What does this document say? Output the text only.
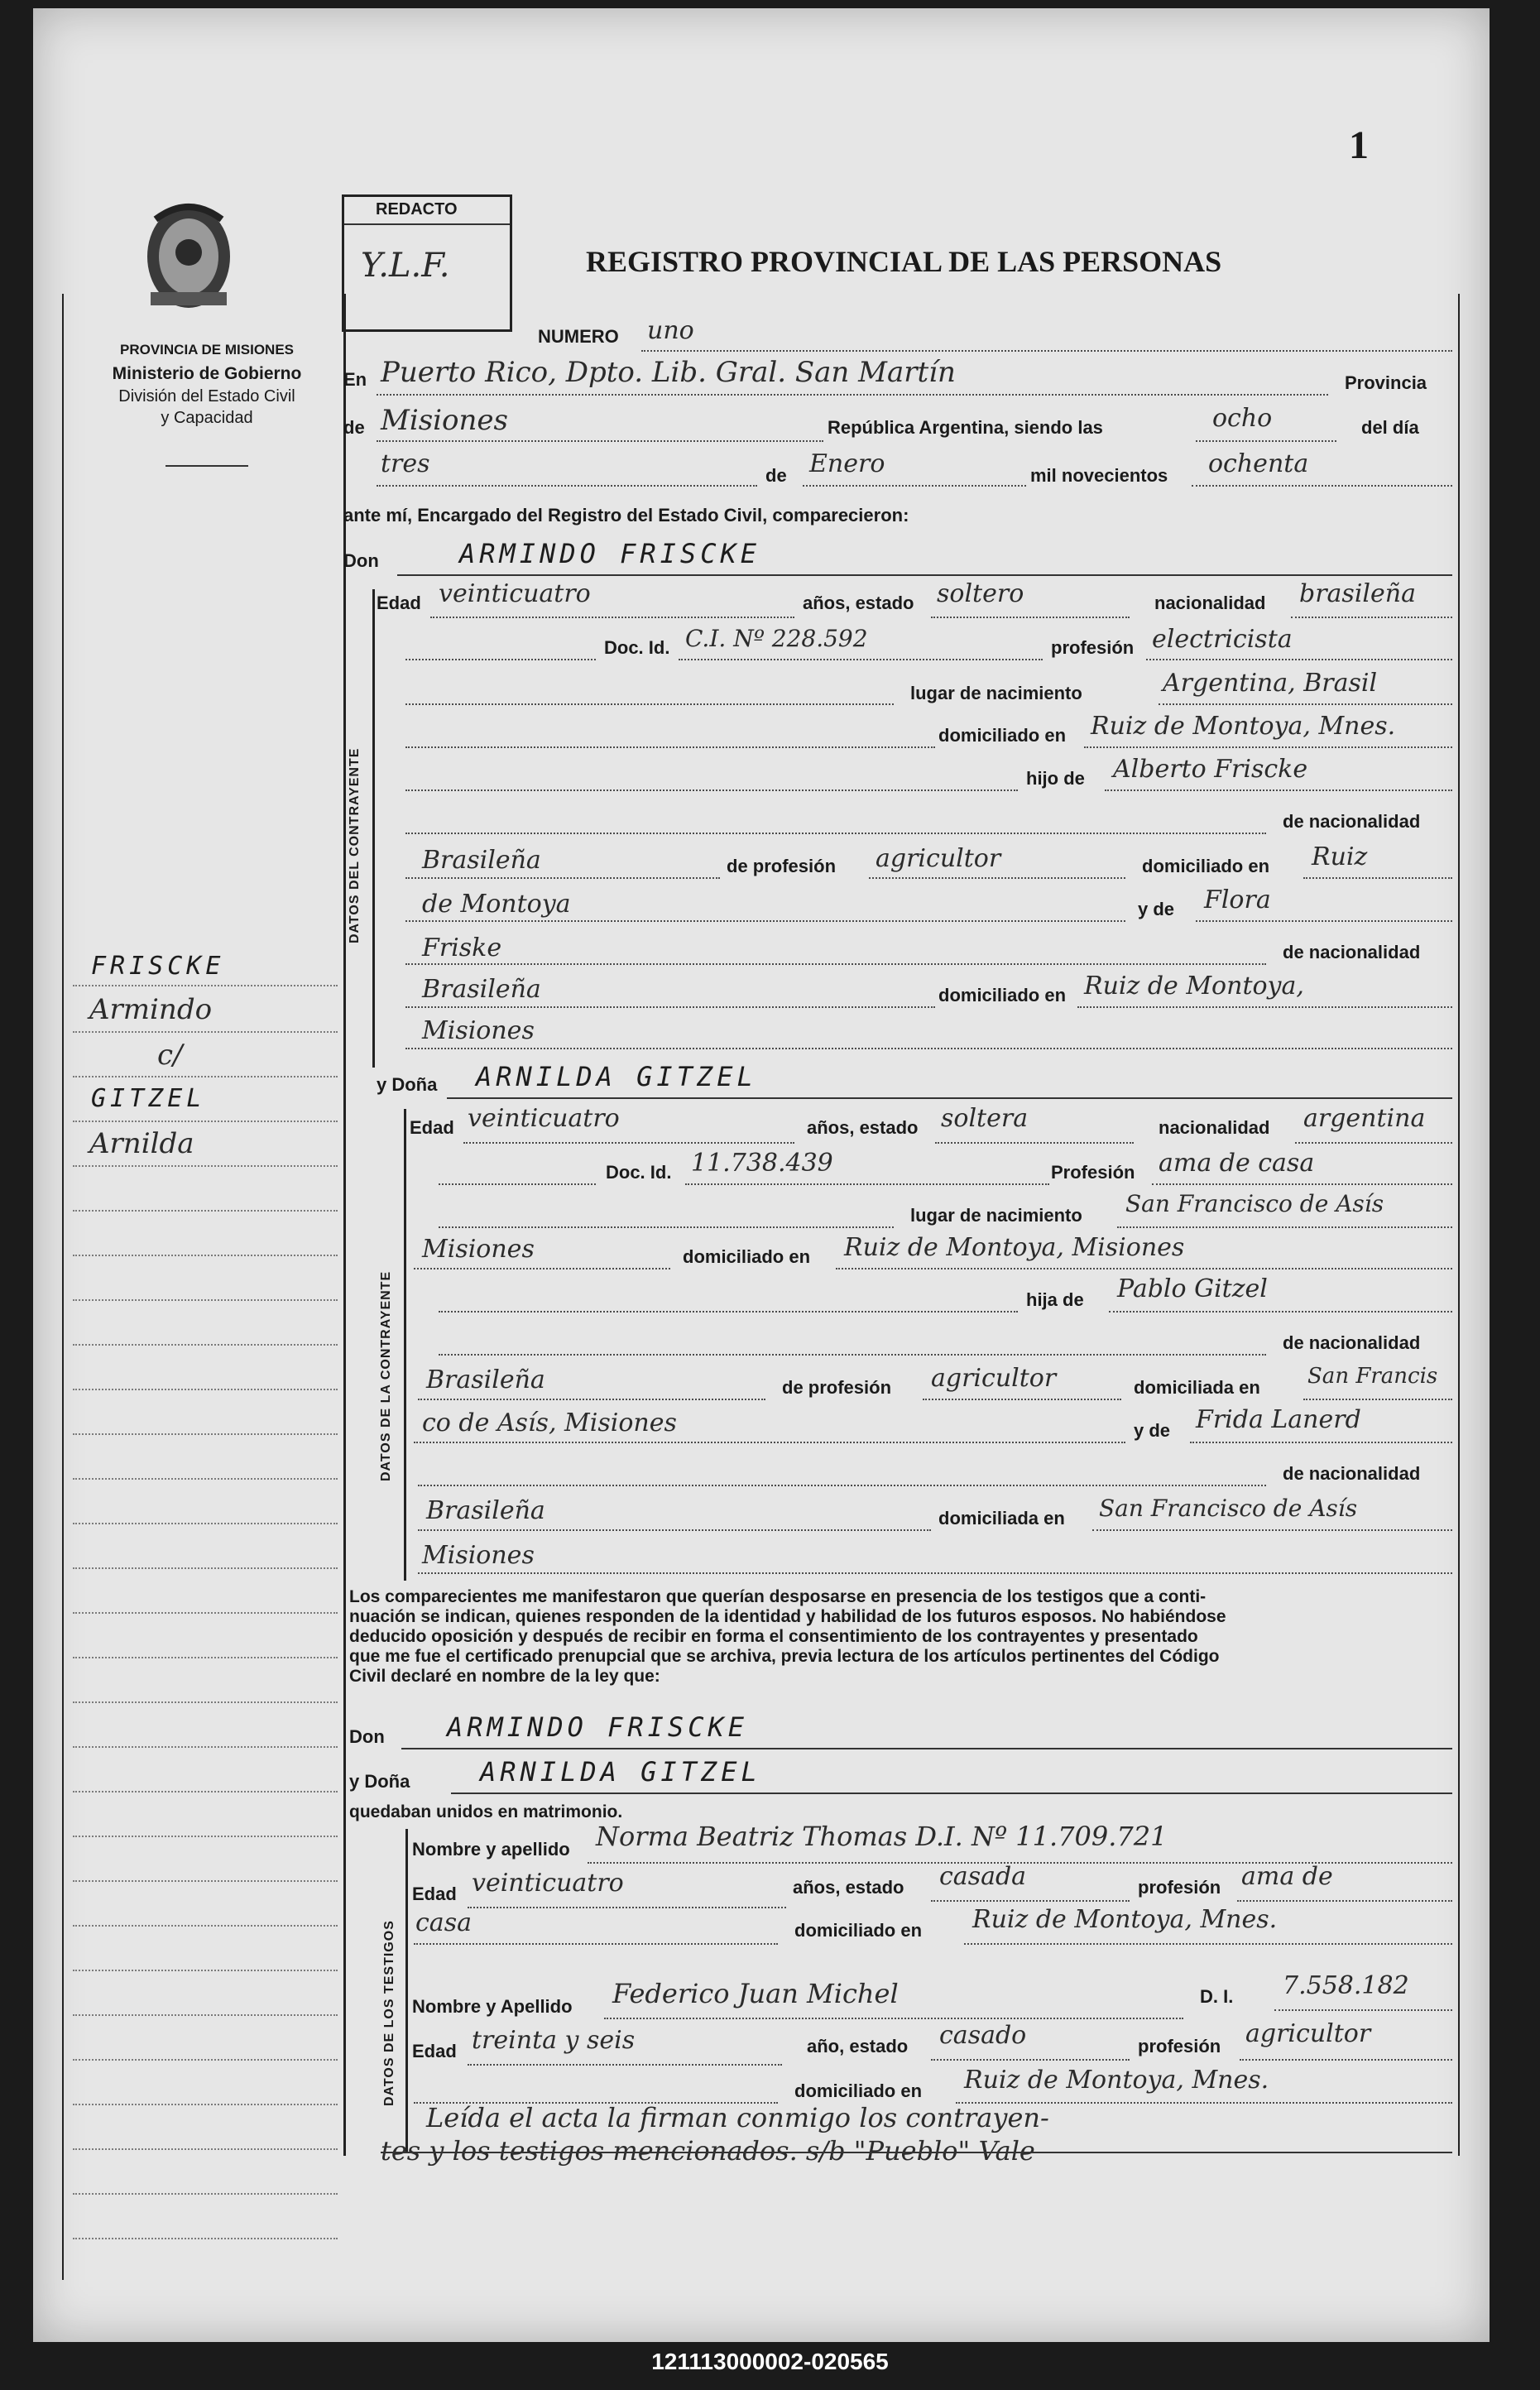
1
PROVINCIA DE MISIONES
Ministerio de Gobierno
División del Estado Civil
y Capacidad
FRISCKE
Armindo
c/
GITZEL
Arnilda
REDACTO
Y.L.F.	REGISTRO PROVINCIAL DE LAS PERSONAS
NUMERO uno
En Puerto Rico, Dpto. Lib. Gral. San Martín	Provincia
de Misiones	República Argentina, siendo las	ocho	del día
tres	de Enero	mil novecientos ochenta
ante mí, Encargado del Registro del Estado Civil, comparecieron:
Don	ARMINDO FRISCKE
DATOS DEL CONTRAYENTE
Edad veinticuatro	años, estado soltero	nacionalidad brasileña
Doc. Id. C.I. Nº 228.592	profesión electricista
lugar de nacimiento	Argentina, Brasil
domiciliado en Ruiz de Montoya, Mnes.
hijo de Alberto Friscke
de nacionalidad
Brasileña	de profesión agricultor	domiciliado en Ruiz
de Montoya	y de Flora
Friske	de nacionalidad
Brasileña	domiciliado en Ruiz de Montoya,
Misiones
y Doña ARNILDA GITZEL
DATOS DE LA CONTRAYENTE
Edad veinticuatro	años, estado soltera	nacionalidad argentina
Doc. Id. 11.738.439	Profesión ama de casa
lugar de nacimiento San Francisco de Asís
Misiones	domiciliado en Ruiz de Montoya, Misiones
hija de Pablo Gitzel
de nacionalidad
Brasileña	de profesión agricultor	domiciliada en San Francis
co de Asís, Misiones	y de Frida Lanerd
de nacionalidad
Brasileña	domiciliada en San Francisco de Asís
Misiones
Los comparecientes me manifestaron que querían desposarse en presencia de los testigos que a conti-
nuación se indican, quienes responden de la identidad y habilidad de los futuros esposos. No habiéndose
deducido oposición y después de recibir en forma el consentimiento de los contrayentes y presentado
que me fue el certificado prenupcial que se archiva, previa lectura de los artículos pertinentes del Código
Civil declaré en nombre de la ley que:
Don ARMINDO FRISCKE
y Doña	ARNILDA GITZEL
quedaban unidos en matrimonio.
DATOS DE LOS TESTIGOS
Nombre y apellido Norma Beatriz Thomas D.I. Nº 11.709.721
Edad veinticuatro	años, estado casada	profesión ama de
casa	domiciliado en Ruiz de Montoya, Mnes.
Nombre y Apellido Federico Juan Michel	D. I. 7.558.182
Edad treinta y seis	año, estado casado	profesión agricultor
domiciliado en Ruiz de Montoya, Mnes.
Leída el acta la firman conmigo los contrayen-
tes y los testigos mencionados. s/b "Pueblo" Vale
121113000002-020565
